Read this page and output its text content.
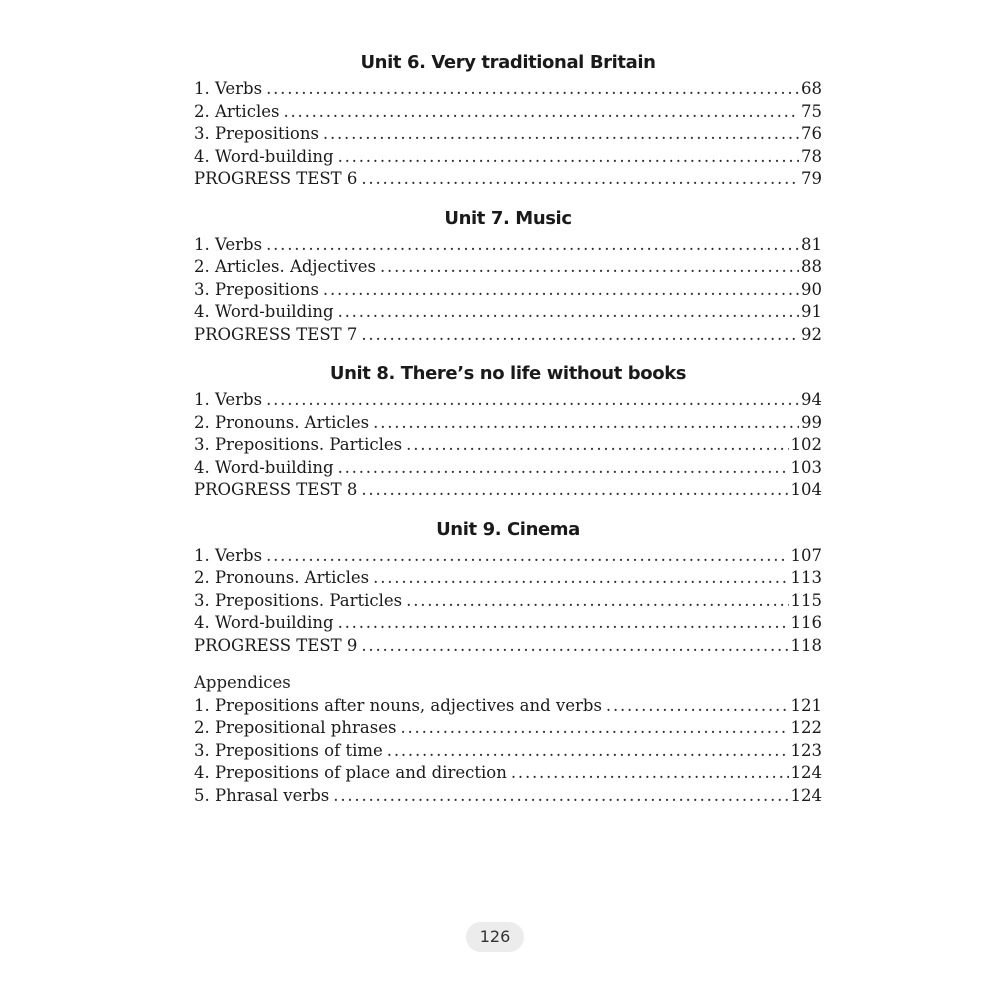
Unit 6. Very traditional Britain
1. Verbs .....	68
2. Articles .....	75
3. Prepositions .....	76
4. Word-building .....	78
PROGRESS TEST 6 .....	79
Unit 7. Music
1. Verbs .....	81
2. Articles. Adjectives .....	88
3. Prepositions .....	90
4. Word-building .....	91
PROGRESS TEST 7 .....	92
Unit 8. There’s no life without books
1. Verbs .....	94
2. Pronouns. Articles .....	99
3. Prepositions. Particles .....	102
4. Word-building .....	103
PROGRESS TEST 8 .....	104
Unit 9. Cinema
1. Verbs .....	107
2. Pronouns. Articles .....	113
3. Prepositions. Particles .....	115
4. Word-building .....	116
PROGRESS TEST 9 .....	118
Appendices
1. Prepositions after nouns, adjectives and verbs .....	121
2. Prepositional phrases .....	122
3. Prepositions of time .....	123
4. Prepositions of place and direction .....	124
5. Phrasal verbs .....	124
126
